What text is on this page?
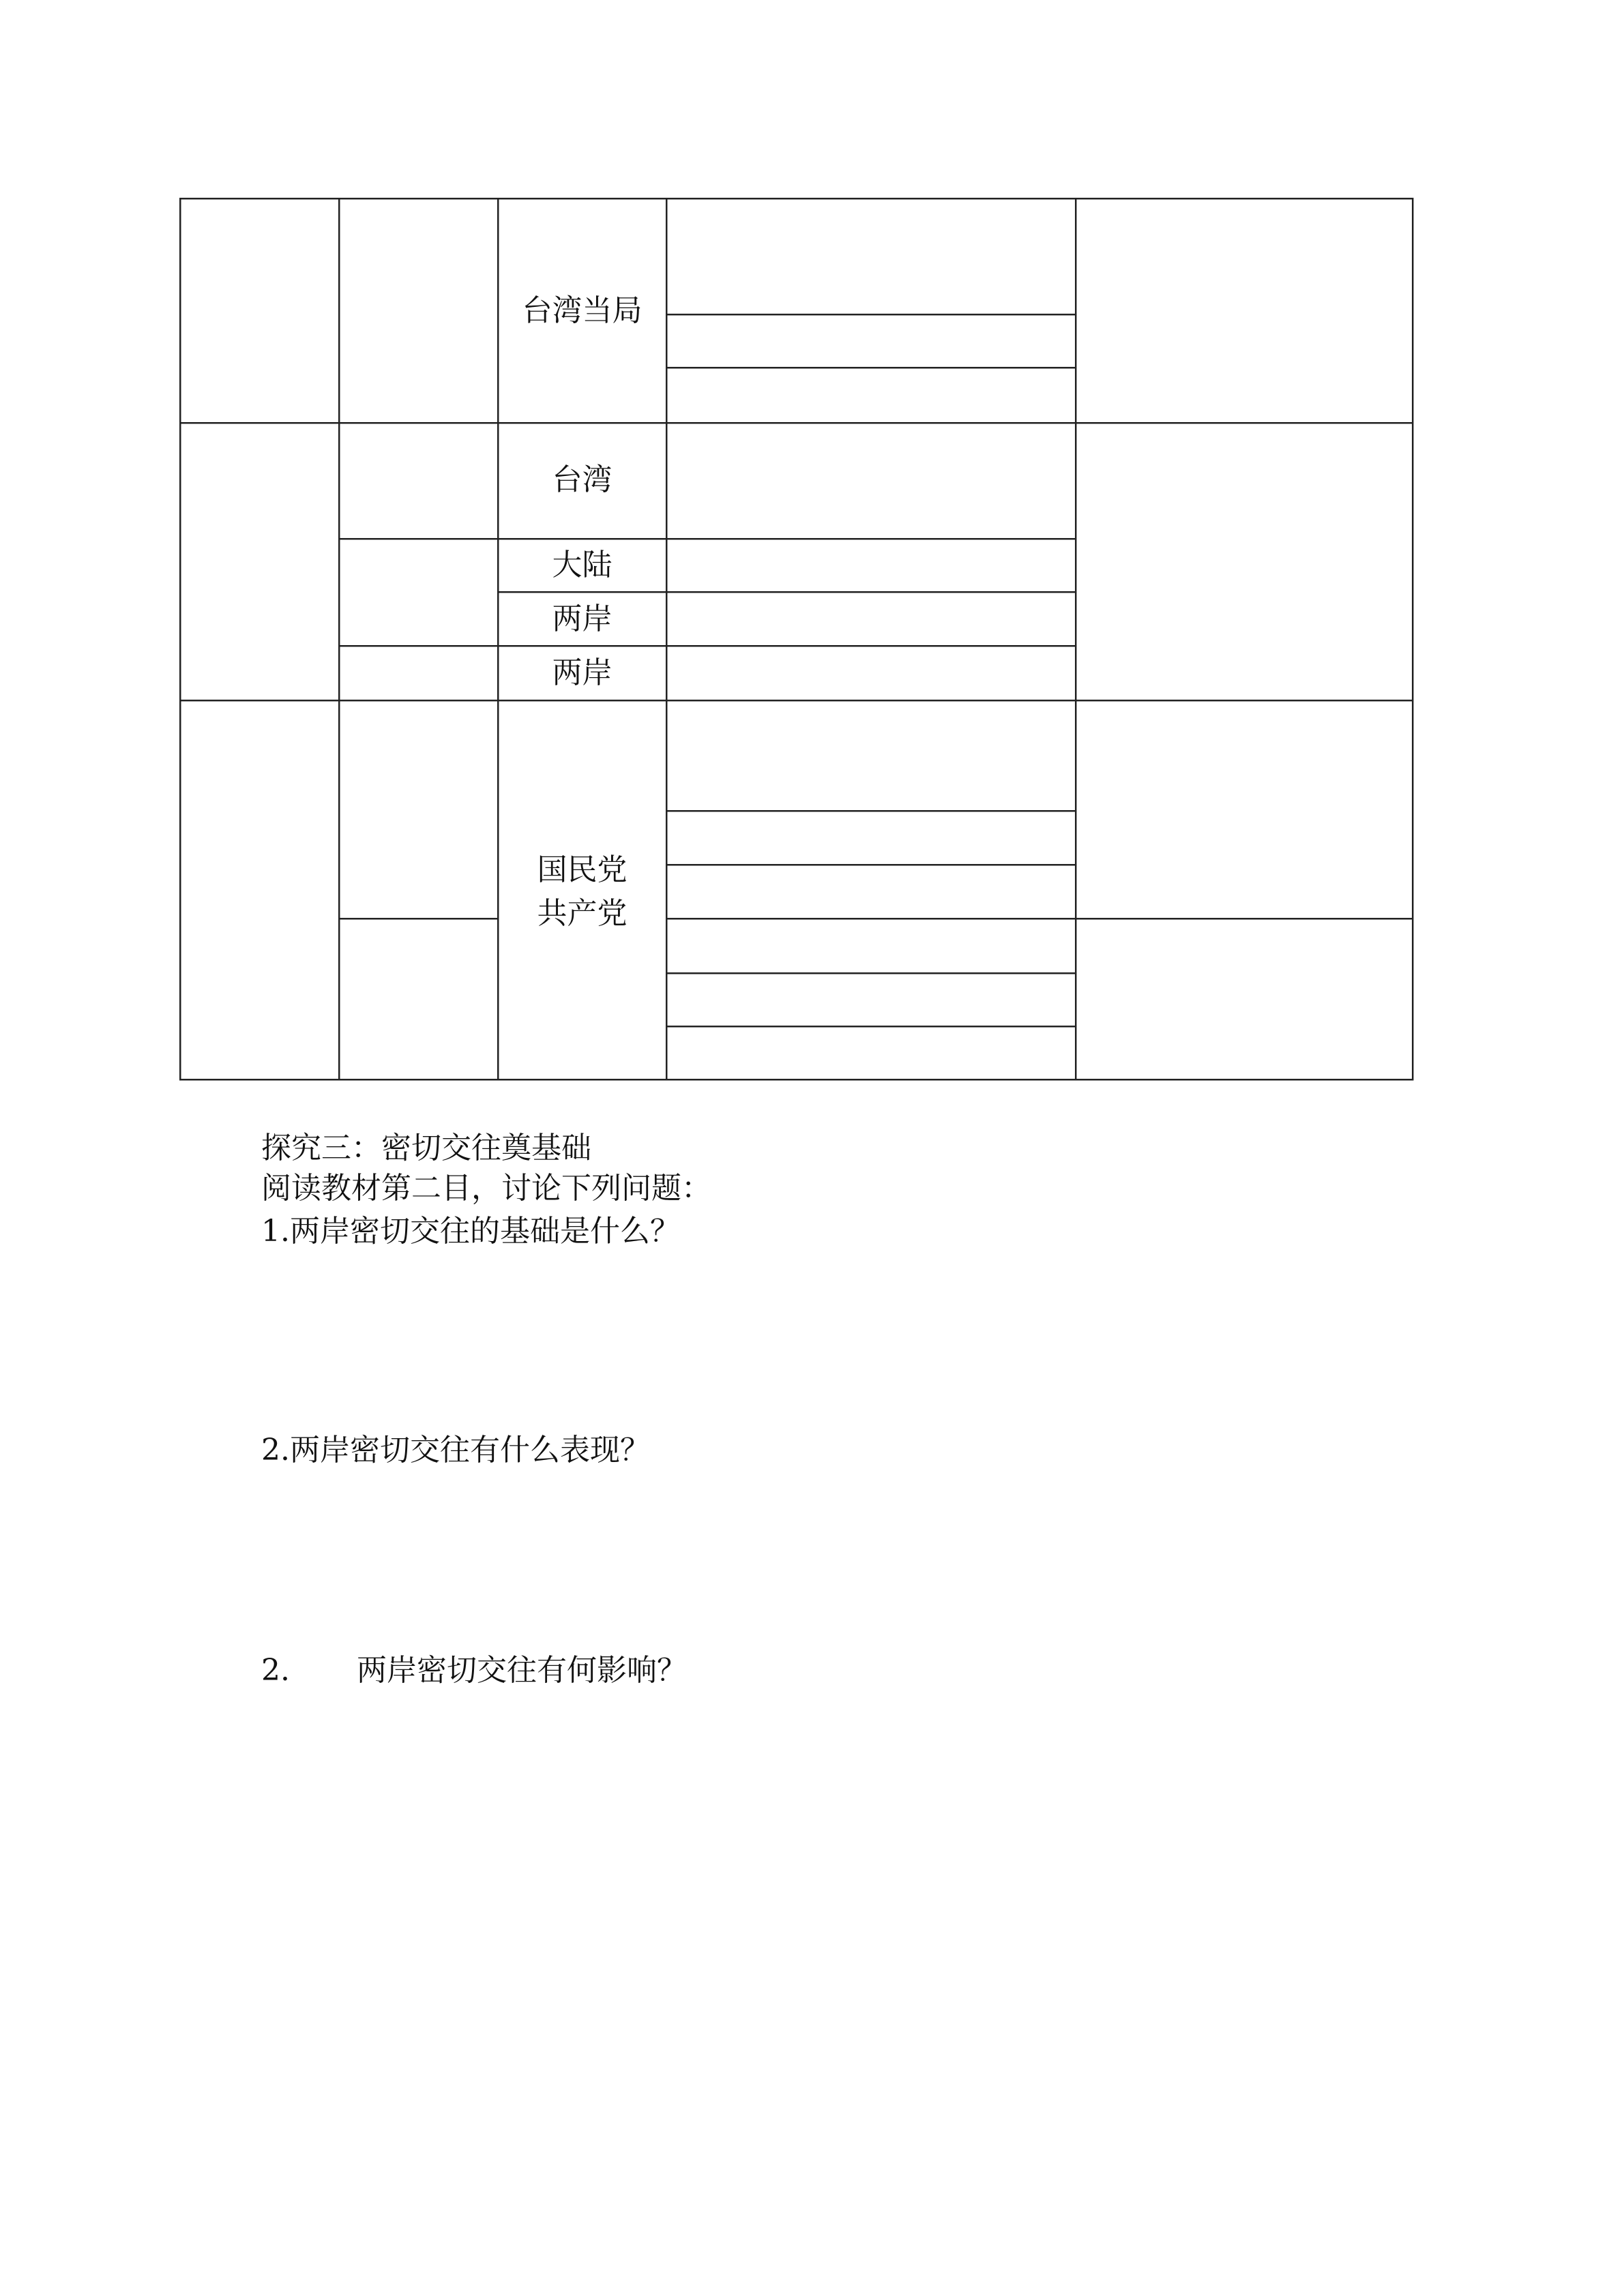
台湾当局
台湾
大陆
两岸
两岸
国民党
共产党
探究三：密切交往奠基础
阅读教材第二目，讨论下列问题：
1.两岸密切交往的基础是什么？
2.两岸密切交往有什么表现？
2. 两岸密切交往有何影响？
